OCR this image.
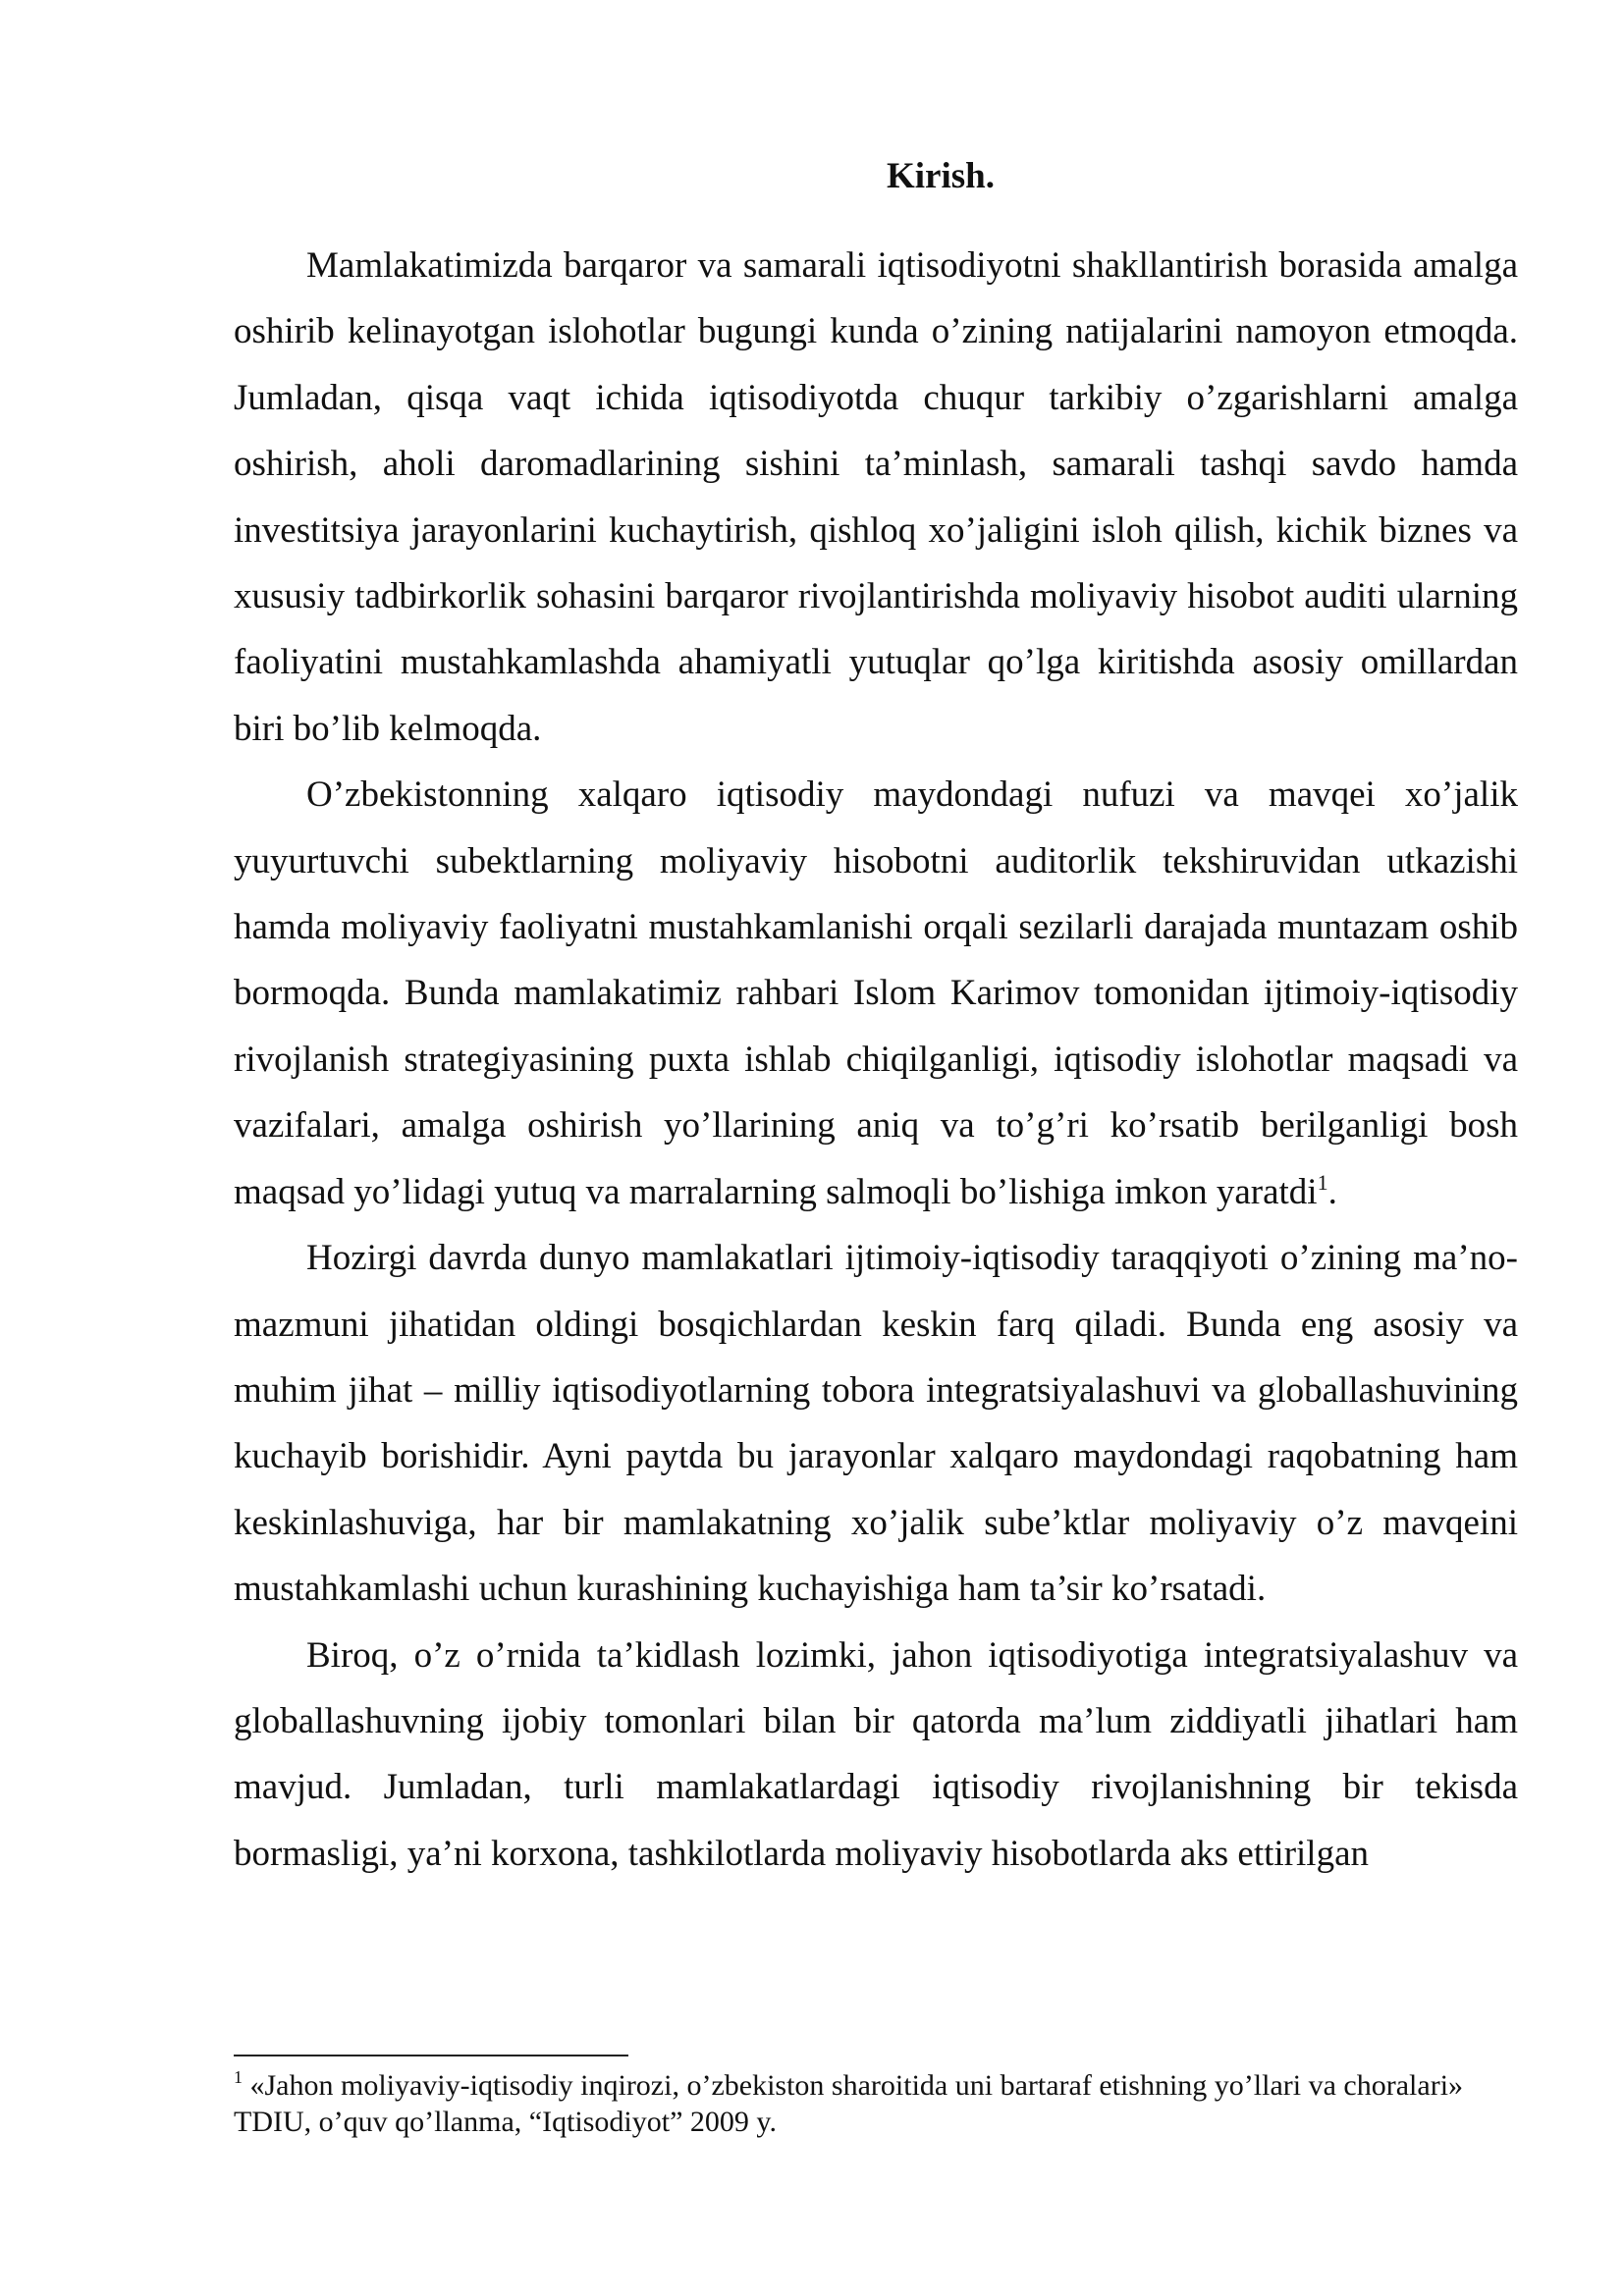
Kirish.

Mamlakatimizda barqaror va samarali iqtisodiyotni shakllantirish borasida amalga oshirib kelinayotgan islohotlar bugungi kunda o’zining natijalarini namoyon etmoqda. Jumladan, qisqa vaqt ichida iqtisodiyotda chuqur tarkibiy o’zgarishlarni amalga oshirish, aholi daromadlarining sishini ta’minlash, samarali tashqi savdo hamda investitsiya jarayonlarini kuchaytirish, qishloq xo’jaligini isloh qilish, kichik biznes va xususiy tadbirkorlik sohasini barqaror rivojlantirishda moliyaviy hisobot auditi ularning faoliyatini mustahkamlashda ahamiyatli yutuqlar qo’lga kiritishda asosiy omillardan biri bo’lib kelmoqda.

O’zbekistonning xalqaro iqtisodiy maydondagi nufuzi va mavqei xo’jalik yuyurtuvchi subektlarning moliyaviy hisobotni auditorlik tekshiruvidan utkazishi hamda moliyaviy faoliyatni mustahkamlanishi orqali sezilarli darajada muntazam oshib bormoqda. Bunda mamlakatimiz rahbari Islom Karimov tomonidan ijtimoiy-iqtisodiy rivojlanish strategiyasining puxta ishlab chiqilganligi, iqtisodiy islohotlar maqsadi va vazifalari, amalga oshirish yo’llarining aniq va to’g’ri ko’rsatib berilganligi bosh maqsad yo’lidagi yutuq va marralarning salmoqli bo’lishiga imkon yaratdi$^1$.

Hozirgi davrda dunyo mamlakatlari ijtimoiy-iqtisodiy taraqqiyoti o’zining ma’no-mazmuni jihatidan oldingi bosqichlardan keskin farq qiladi. Bunda eng asosiy va muhim jihat – milliy iqtisodiyotlarning tobora integratsiyalashuvi va globallashuvining kuchayib borishidir. Ayni paytda bu jarayonlar xalqaro maydondagi raqobatning ham keskinlashuviga, har bir mamlakatning xo’jalik sube’ktlar moliyaviy o’z mavqeini mustahkamlashi uchun kurashining kuchayishiga ham ta’sir ko’rsatadi.

Biroq, o’z o’rnida ta’kidlash lozimki, jahon iqtisodiyotiga integratsiyalashuv va globallashuvning ijobiy tomonlari bilan bir qatorda ma’lum ziddiyatli jihatlari ham mavjud. Jumladan, turli mamlakatlardagi iqtisodiy rivojlanishning bir tekisda bormasligi, ya’ni korxona, tashkilotlarda moliyaviy hisobotlarda aks ettirilgan

$^1$ «Jahon moliyaviy-iqtisodiy inqirozi, o’zbekiston sharoitida uni bartaraf etishning yo’llari va choralari» TDIU, o’quv qo’llanma, “Iqtisodiyot” 2009 y.
